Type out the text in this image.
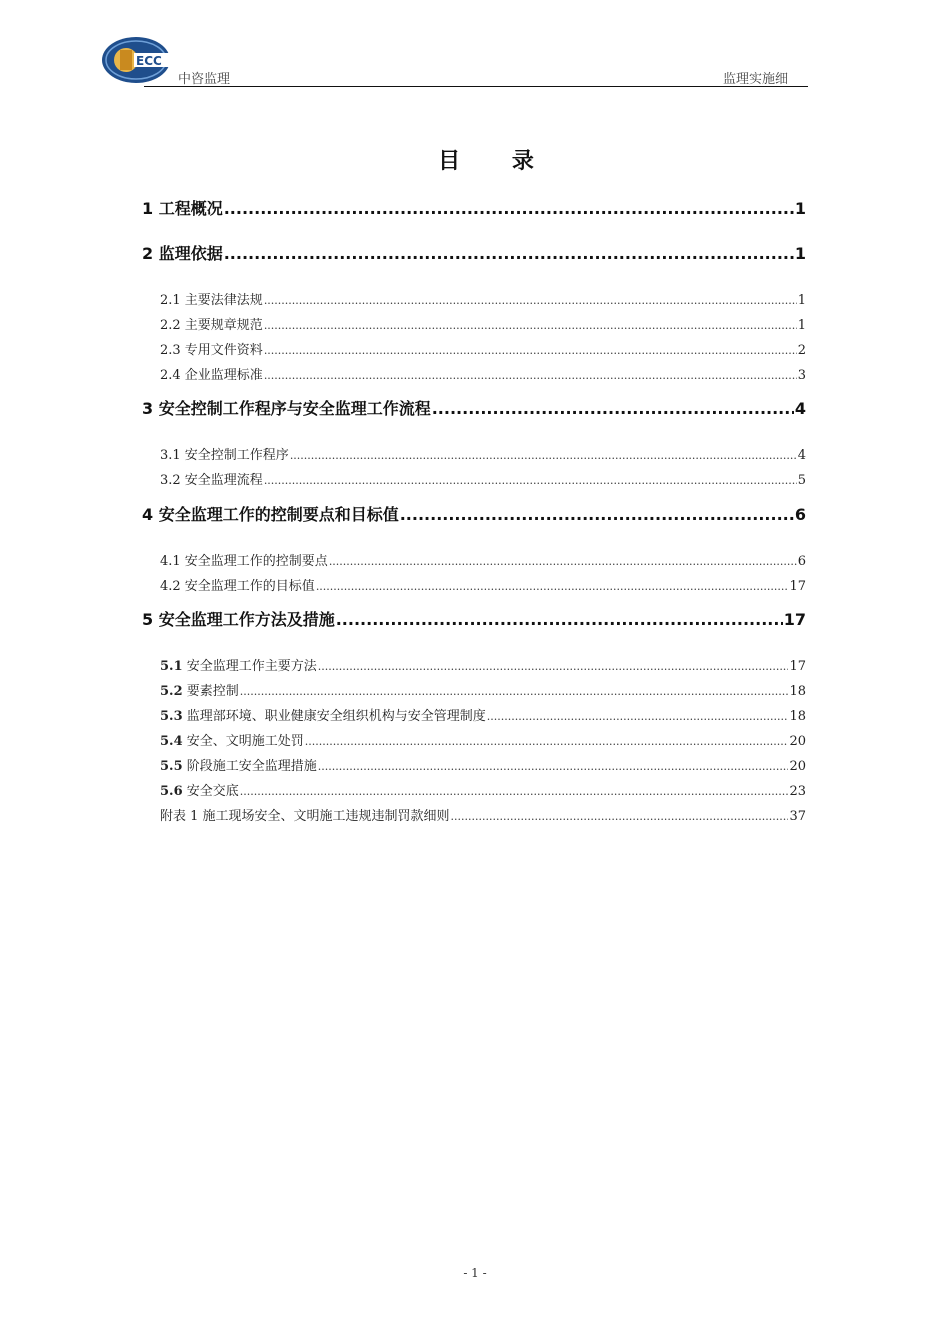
ECC
中咨监理	监理实施细
目 录
1 工程概况 .....	1
2 监理依据 .....	1
2.1 主要法律法规 .....	1
2.2 主要规章规范 .....	1
2.3 专用文件资料 .....	2
2.4 企业监理标准 .....	3
3 安全控制工作程序与安全监理工作流程 .....	4
3.1 安全控制工作程序 .....	4
3.2 安全监理流程 .....	5
4 安全监理工作的控制要点和目标值 .....	6
4.1 安全监理工作的控制要点 .....	6
4.2 安全监理工作的目标值 .....	17
5 安全监理工作方法及措施 .....	17
5.1 安全监理工作主要方法 .....	17
5.2 要素控制 .....	18
5.3 监理部环境、职业健康安全组织机构与安全管理制度 .....	18
5.4 安全、文明施工处罚 .....	20
5.5 阶段施工安全监理措施 .....	20
5.6 安全交底 .....	23
附表 1 施工现场安全、文明施工违规违制罚款细则 .....	37
- 1 -
